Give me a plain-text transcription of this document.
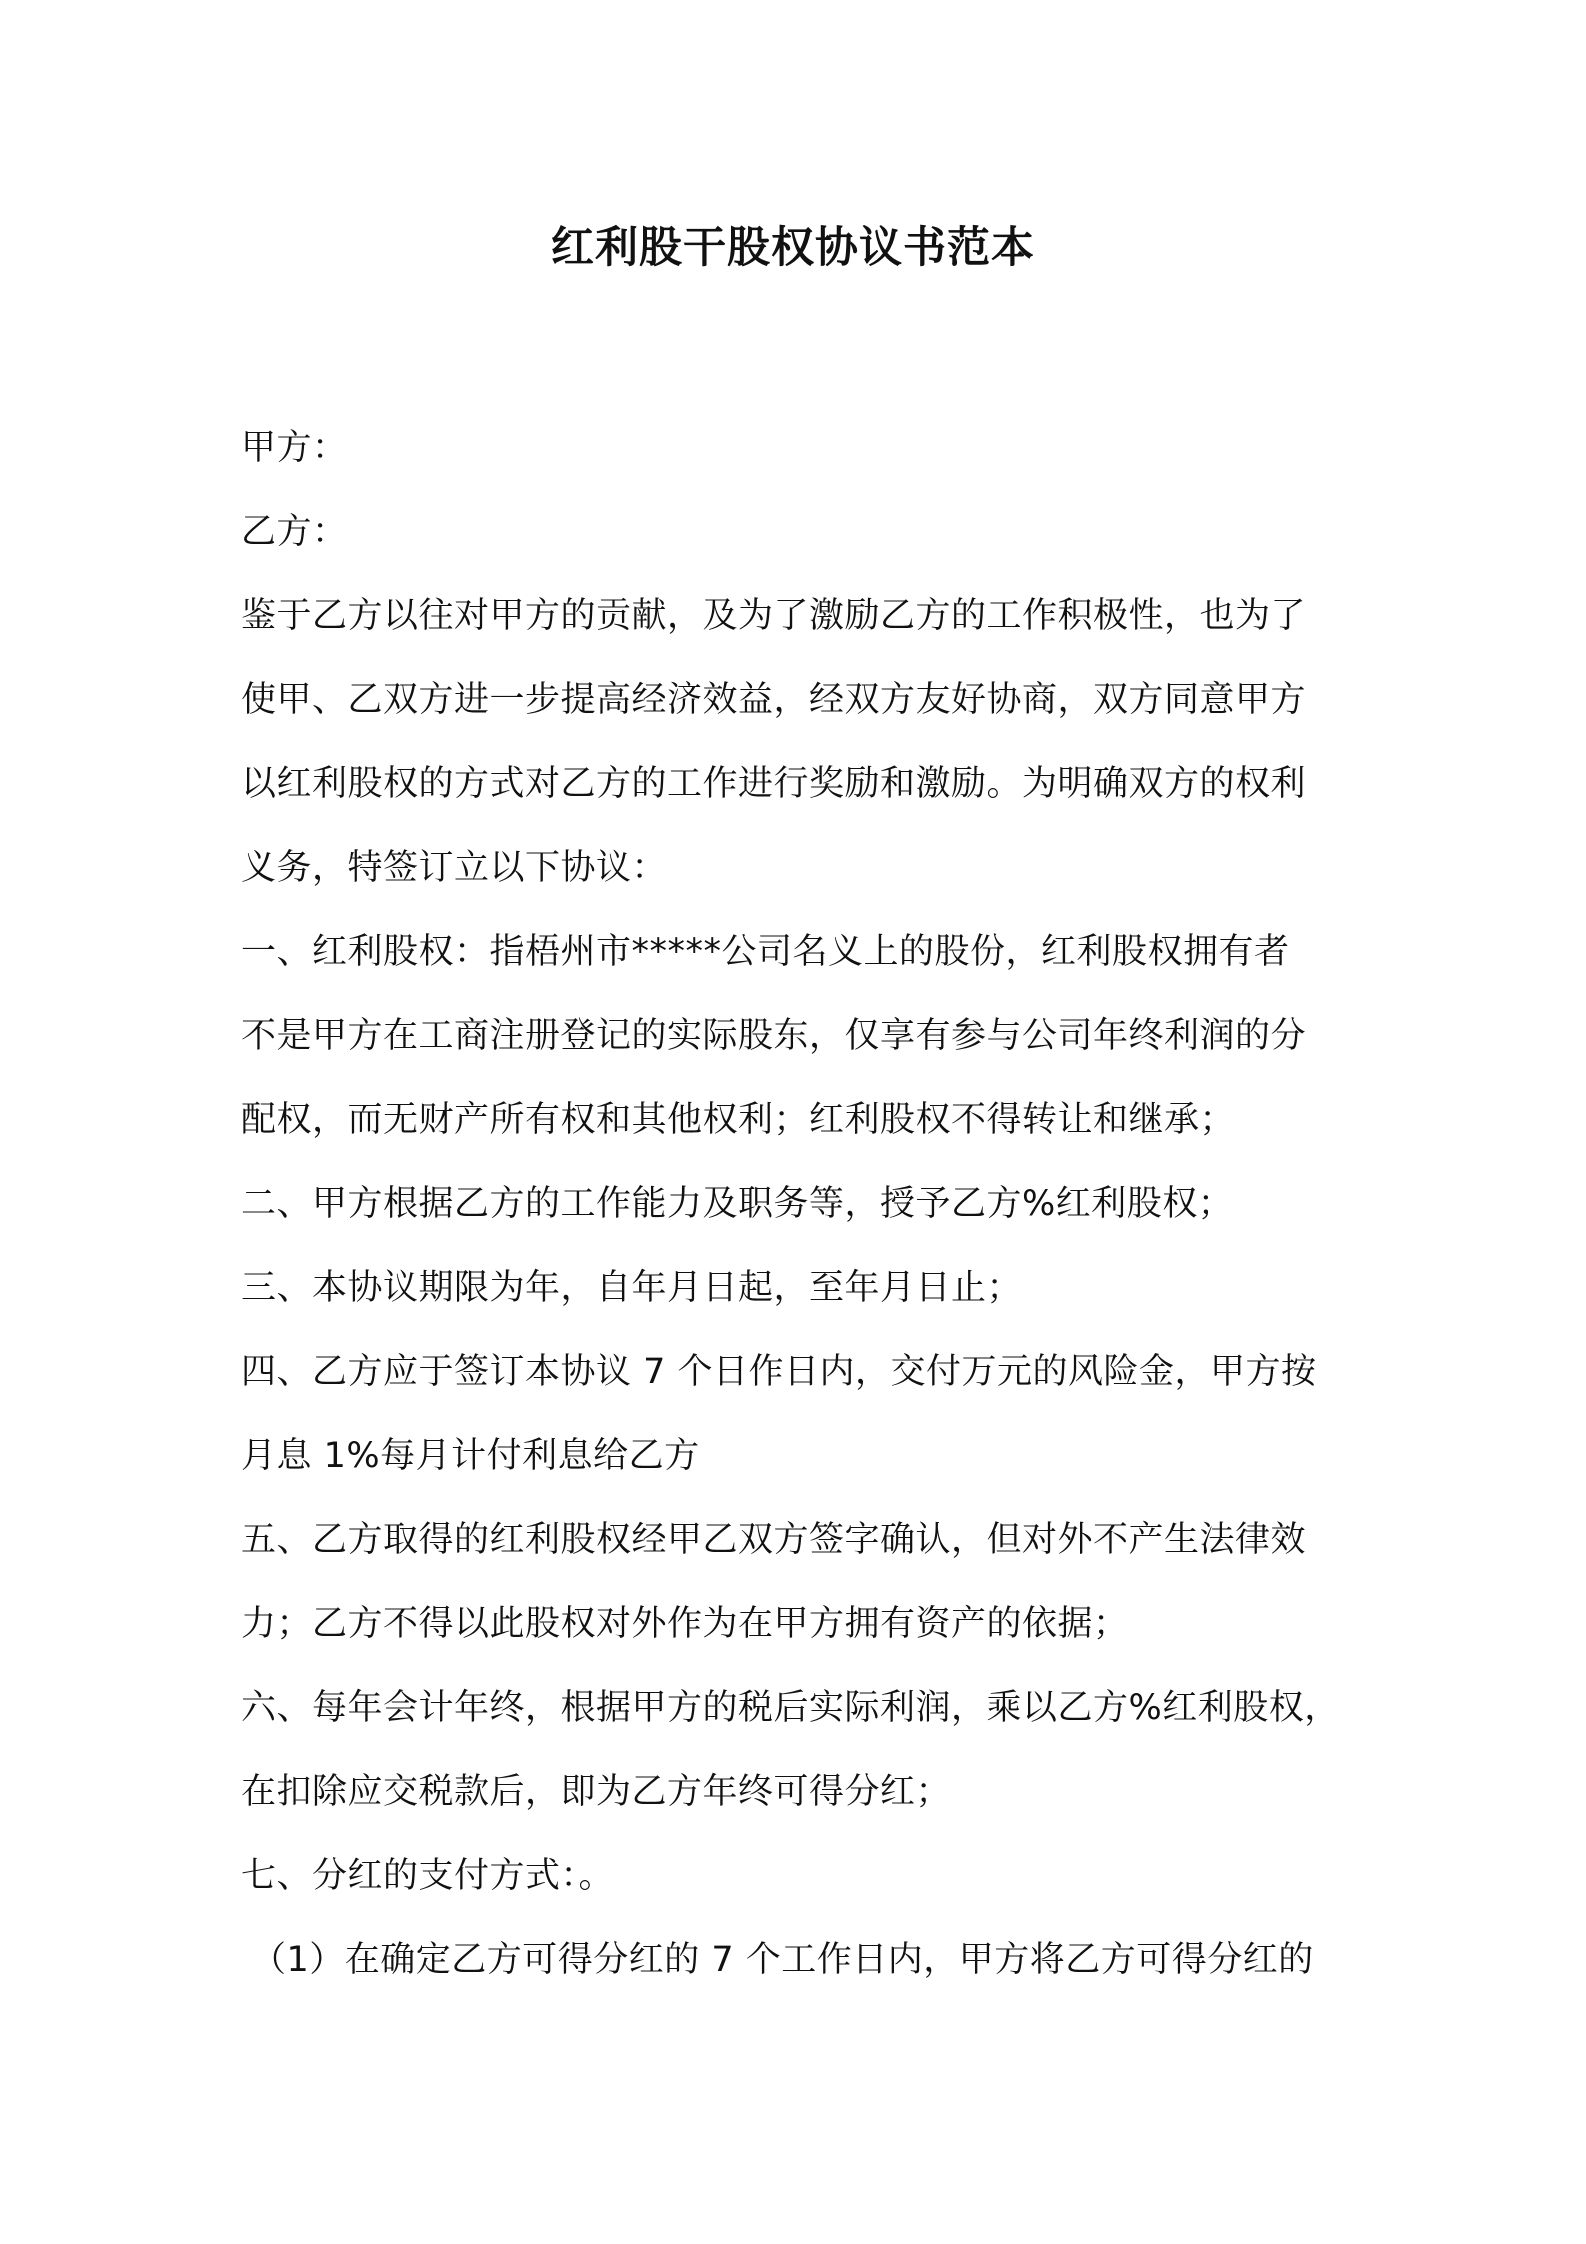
红利股干股权协议书范本
甲方：
乙方：
鉴于乙方以往对甲方的贡献，及为了激励乙方的工作积极性，也为了
使甲、乙双方进一步提高经济效益，经双方友好协商，双方同意甲方
以红利股权的方式对乙方的工作进行奖励和激励。为明确双方的权利
义务，特签订立以下协议：
一、红利股权：指梧州市*****公司名义上的股份，红利股权拥有者
不是甲方在工商注册登记的实际股东，仅享有参与公司年终利润的分
配权，而无财产所有权和其他权利；红利股权不得转让和继承；
二、甲方根据乙方的工作能力及职务等，授予乙方%红利股权；
三、本协议期限为年，自年月日起，至年月日止；
四、乙方应于签订本协议 7 个日作日内，交付万元的风险金，甲方按
月息 1%每月计付利息给乙方
五、乙方取得的红利股权经甲乙双方签字确认，但对外不产生法律效
力；乙方不得以此股权对外作为在甲方拥有资产的依据；
六、每年会计年终，根据甲方的税后实际利润，乘以乙方%红利股权，
在扣除应交税款后，即为乙方年终可得分红；
七、分红的支付方式：。
（1）在确定乙方可得分红的 7 个工作日内，甲方将乙方可得分红的
